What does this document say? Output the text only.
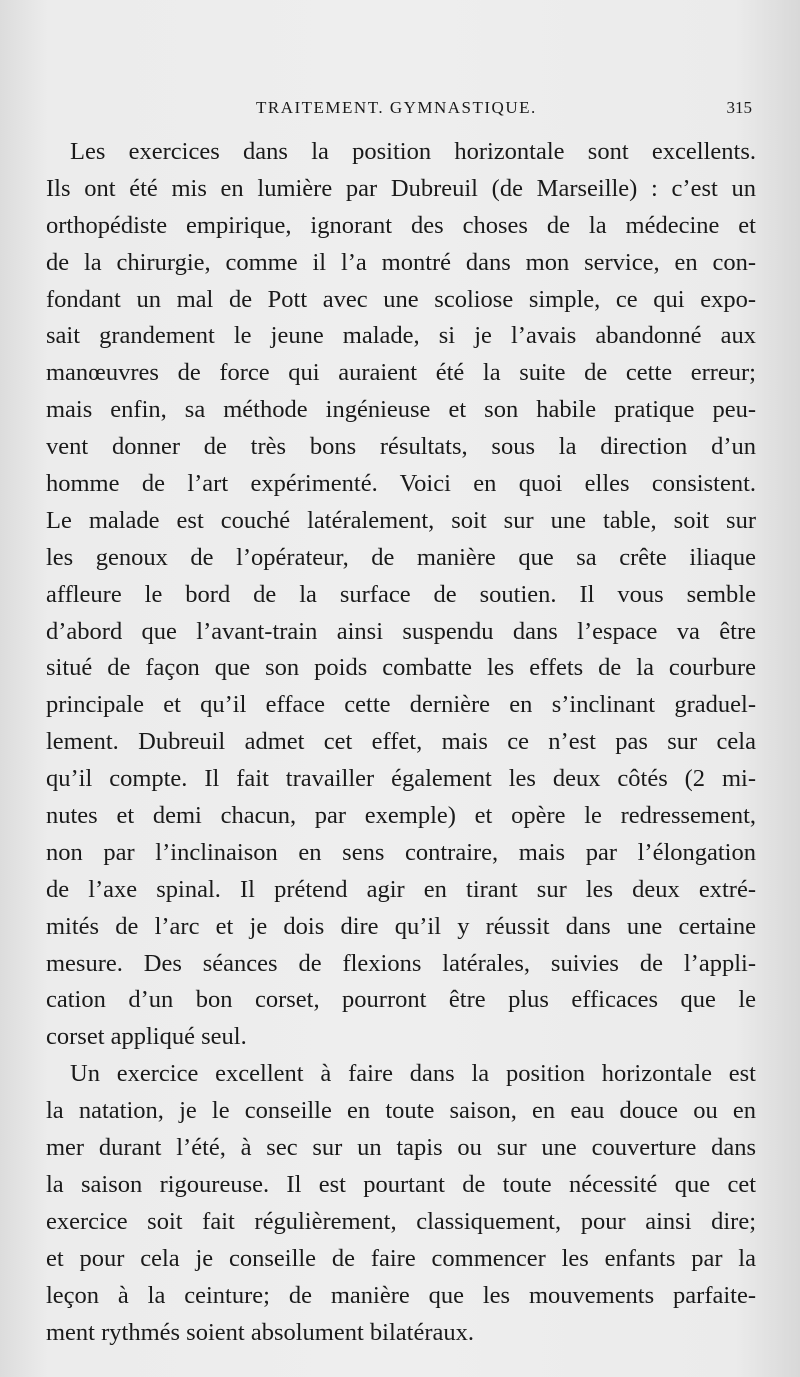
TRAITEMENT. GYMNASTIQUE.	315
Les exercices dans la position horizontale sont excellents.
Ils ont été mis en lumière par Dubreuil (de Marseille) : c’est un
orthopédiste empirique, ignorant des choses de la médecine et
de la chirurgie, comme il l’a montré dans mon service, en con-
fondant un mal de Pott avec une scoliose simple, ce qui expo-
sait grandement le jeune malade, si je l’avais abandonné aux
manœuvres de force qui auraient été la suite de cette erreur;
mais enfin, sa méthode ingénieuse et son habile pratique peu-
vent donner de très bons résultats, sous la direction d’un
homme de l’art expérimenté. Voici en quoi elles consistent.
Le malade est couché latéralement, soit sur une table, soit sur
les genoux de l’opérateur, de manière que sa crête iliaque
affleure le bord de la surface de soutien. Il vous semble
d’abord que l’avant-train ainsi suspendu dans l’espace va être
situé de façon que son poids combatte les effets de la courbure
principale et qu’il efface cette dernière en s’inclinant graduel-
lement. Dubreuil admet cet effet, mais ce n’est pas sur cela
qu’il compte. Il fait travailler également les deux côtés (2 mi-
nutes et demi chacun, par exemple) et opère le redressement,
non par l’inclinaison en sens contraire, mais par l’élongation
de l’axe spinal. Il prétend agir en tirant sur les deux extré-
mités de l’arc et je dois dire qu’il y réussit dans une certaine
mesure. Des séances de flexions latérales, suivies de l’appli-
cation d’un bon corset, pourront être plus efficaces que le
corset appliqué seul.
Un exercice excellent à faire dans la position horizontale est
la natation, je le conseille en toute saison, en eau douce ou en
mer durant l’été, à sec sur un tapis ou sur une couverture dans
la saison rigoureuse. Il est pourtant de toute nécessité que cet
exercice soit fait régulièrement, classiquement, pour ainsi dire;
et pour cela je conseille de faire commencer les enfants par la
leçon à la ceinture; de manière que les mouvements parfaite-
ment rythmés soient absolument bilatéraux.
